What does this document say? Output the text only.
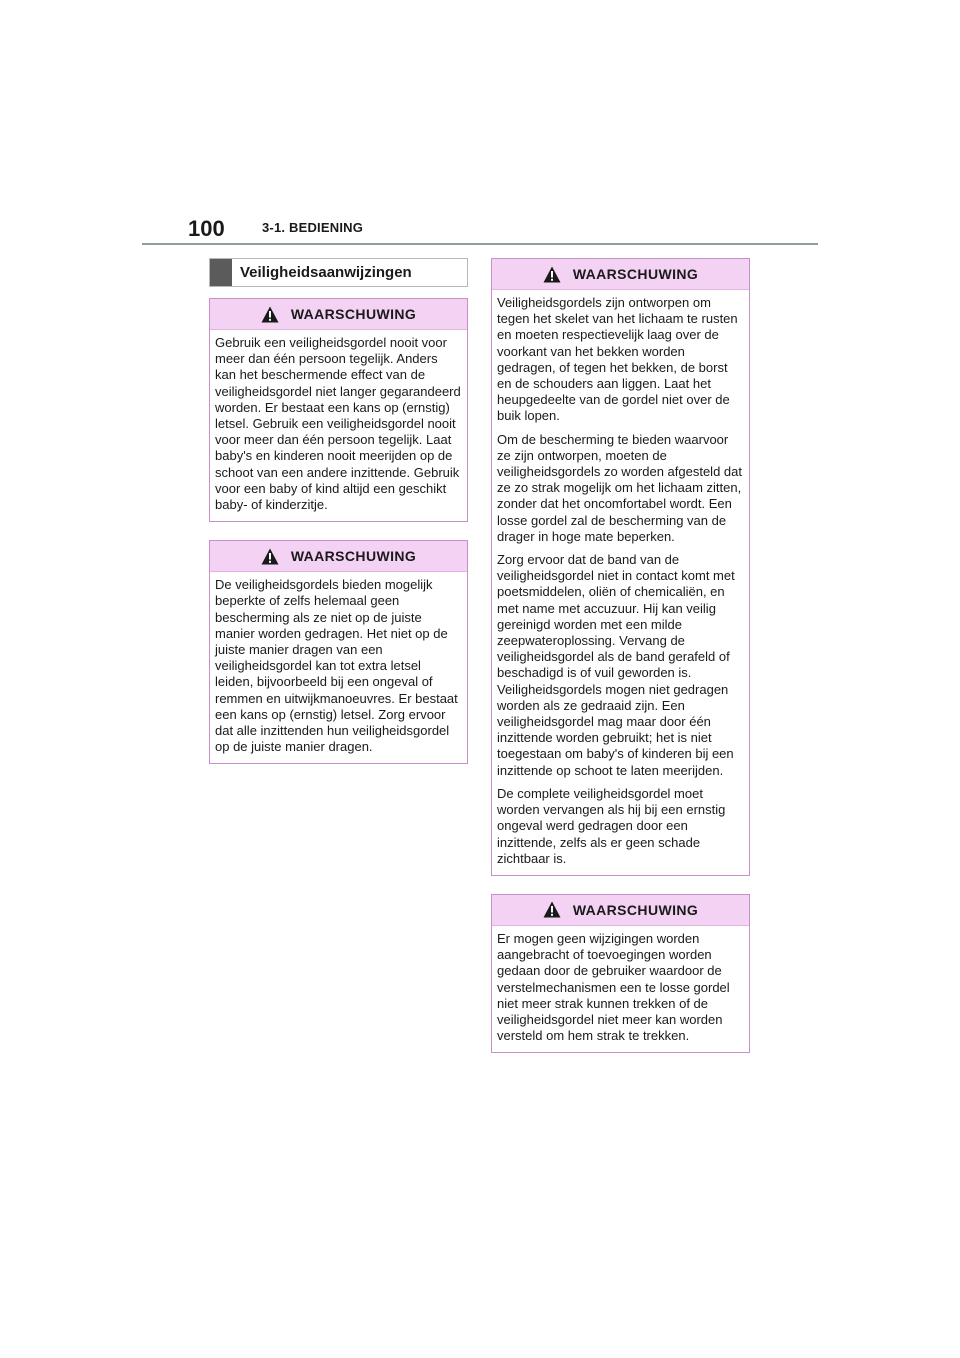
100	3-1. BEDIENING
Veiligheidsaanwijzingen
WAARSCHUWING

Gebruik een veiligheidsgordel nooit voor meer dan één persoon tegelijk. Anders kan het beschermende effect van de veiligheidsgordel niet langer gegarandeerd worden. Er bestaat een kans op (ernstig) letsel. Gebruik een veiligheidsgordel nooit voor meer dan één persoon tegelijk. Laat baby's en kinderen nooit meerijden op de schoot van een andere inzittende. Gebruik voor een baby of kind altijd een geschikt baby- of kinderzitje.

WAARSCHUWING

De veiligheidsgordels bieden mogelijk beperkte of zelfs helemaal geen bescherming als ze niet op de juiste manier worden gedragen. Het niet op de juiste manier dragen van een veiligheidsgordel kan tot extra letsel leiden, bijvoorbeeld bij een ongeval of remmen en uitwijkmanoeuvres. Er bestaat een kans op (ernstig) letsel. Zorg ervoor dat alle inzittenden hun veiligheidsgordel op de juiste manier dragen.

WAARSCHUWING

Veiligheidsgordels zijn ontworpen om tegen het skelet van het lichaam te rusten en moeten respectievelijk laag over de voorkant van het bekken worden gedragen, of tegen het bekken, de borst en de schouders aan liggen. Laat het heupgedeelte van de gordel niet over de buik lopen.

Om de bescherming te bieden waarvoor ze zijn ontworpen, moeten de veiligheidsgordels zo worden afgesteld dat ze zo strak mogelijk om het lichaam zitten, zonder dat het oncomfortabel wordt. Een losse gordel zal de bescherming van de drager in hoge mate beperken.

Zorg ervoor dat de band van de veiligheidsgordel niet in contact komt met poetsmiddelen, oliën of chemicaliën, en met name met accuzuur. Hij kan veilig gereinigd worden met een milde zeepwateroplossing. Vervang de veiligheidsgordel als de band gerafeld of beschadigd is of vuil geworden is. Veiligheidsgordels mogen niet gedragen worden als ze gedraaid zijn. Een veiligheidsgordel mag maar door één inzittende worden gebruikt; het is niet toegestaan om baby's of kinderen bij een inzittende op schoot te laten meerijden.

De complete veiligheidsgordel moet worden vervangen als hij bij een ernstig ongeval werd gedragen door een inzittende, zelfs als er geen schade zichtbaar is.

WAARSCHUWING

Er mogen geen wijzigingen worden aangebracht of toevoegingen worden gedaan door de gebruiker waardoor de verstelmechanismen een te losse gordel niet meer strak kunnen trekken of de veiligheidsgordel niet meer kan worden versteld om hem strak te trekken.
